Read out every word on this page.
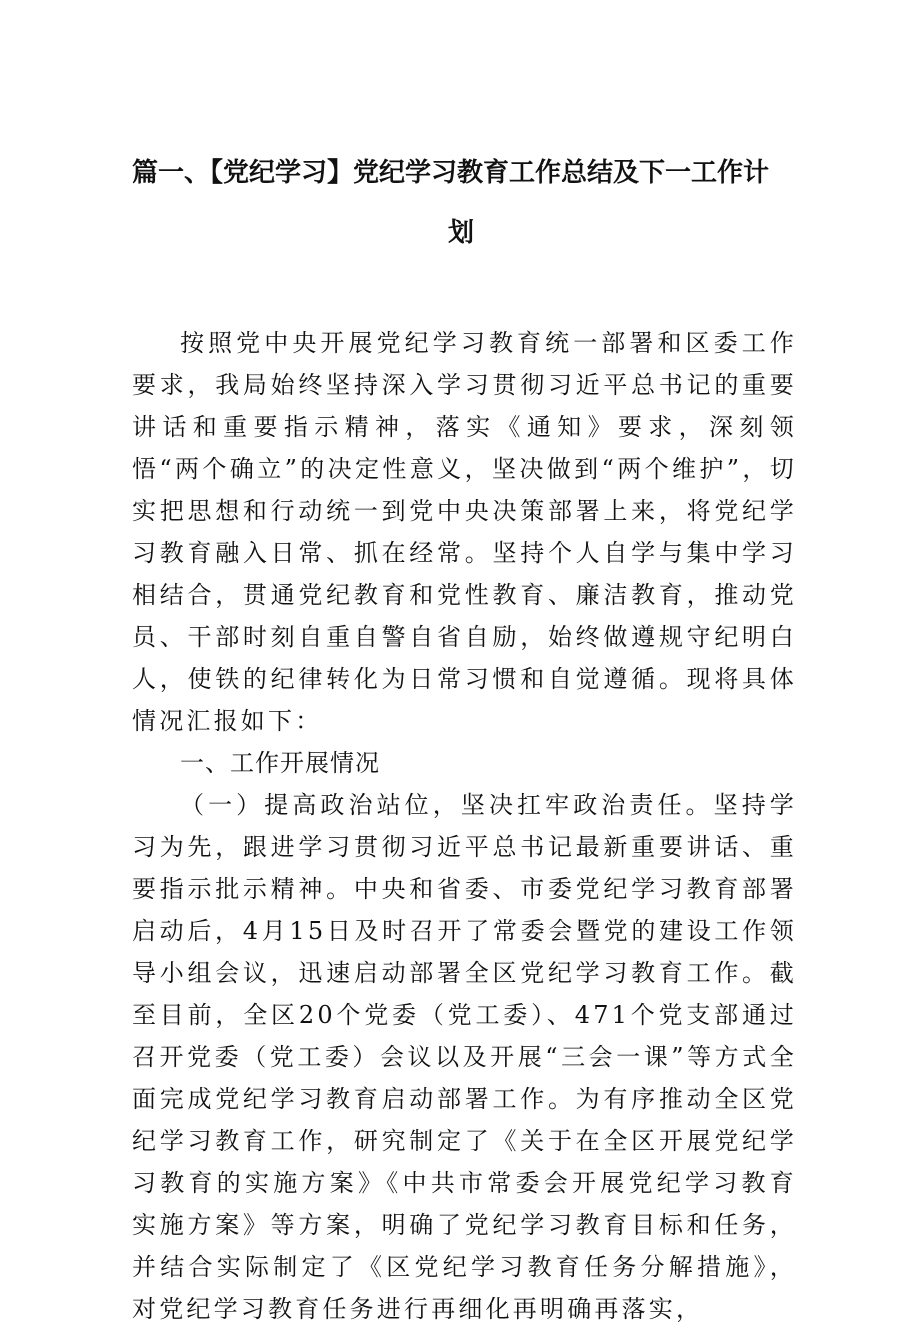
篇一、【党纪学习】党纪学习教育工作总结及下一工作计
划

按照党中央开展党纪学习教育统一部署和区委工作要求，我局始终坚持深入学习贯彻习近平总书记的重要讲话和重要指示精神，落实《通知》要求，深刻领悟“两个确立”的决定性意义，坚决做到“两个维护”，切实把思想和行动统一到党中央决策部署上来，将党纪学习教育融入日常、抓在经常。坚持个人自学与集中学习相结合，贯通党纪教育和党性教育、廉洁教育，推动党员、干部时刻自重自警自省自励，始终做遵规守纪明白人，使铁的纪律转化为日常习惯和自觉遵循。现将具体情况汇报如下：

一、工作开展情况

（一）提高政治站位，坚决扛牢政治责任。坚持学习为先，跟进学习贯彻习近平总书记最新重要讲话、重要指示批示精神。中央和省委、市委党纪学习教育部署启动后，4月15日及时召开了常委会暨党的建设工作领导小组会议，迅速启动部署全区党纪学习教育工作。截至目前，全区20个党委（党工委）、471个党支部通过召开党委（党工委）会议以及开展“三会一课”等方式全面完成党纪学习教育启动部署工作。为有序推动全区党纪学习教育工作，研究制定了《关于在全区开展党纪学习教育的实施方案》《中共市常委会开展党纪学习教育实施方案》等方案，明确了党纪学习教育目标和任务，并结合实际制定了《区党纪学习教育任务分解措施》，对党纪学习教育任务进行再细化再明确再落实，
